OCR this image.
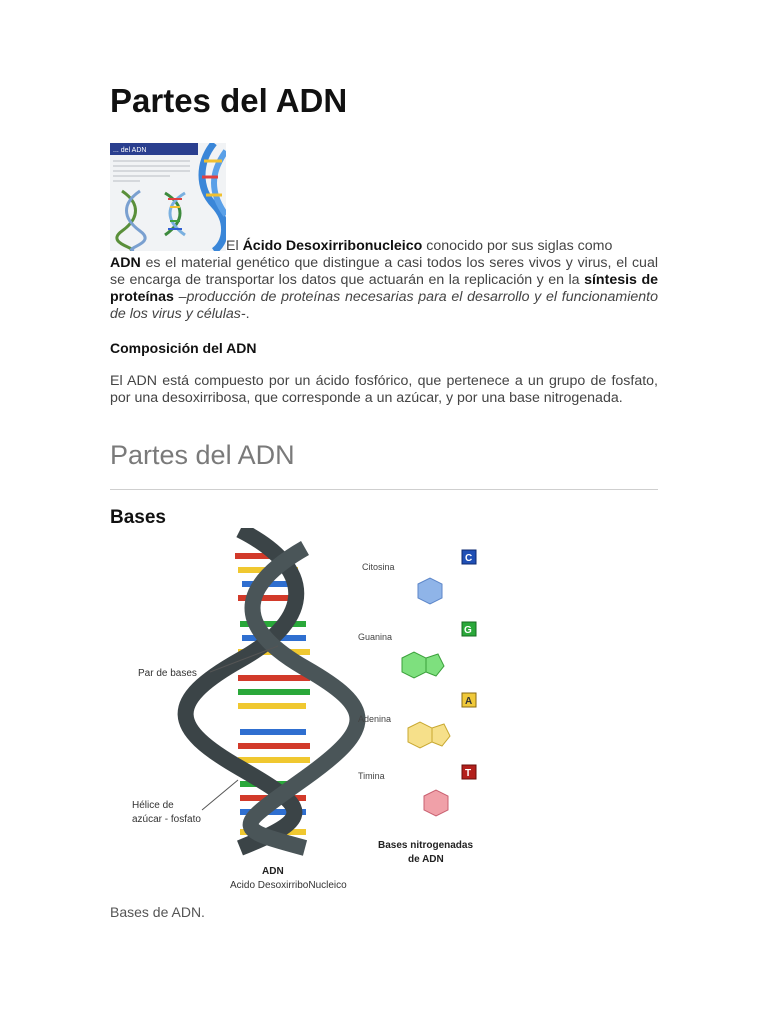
Partes del ADN
... del ADN

El Ácido Desoxirribonucleico conocido por sus siglas como
ADN es el material genético que distingue a casi todos los seres vivos y virus, el cual se encarga de transportar los datos que actuarán en la replicación y en la síntesis de proteínas –producción de proteínas necesarias para el desarrollo y el funcionamiento de los virus y células-.

Composición del ADN

El ADN está compuesto por un ácido fosfórico, que pertenece a un grupo de fosfato, por una desoxirribosa, que corresponde a un azúcar, y por una base nitrogenada.

Partes del ADN
Bases
Par de bases
Hélice de
azúcar - fosfato
ADN
Acido DesoxirriboNucleico
Bases nitrogenadas
de ADN
Citosina
C
Guanina
G
Adenina
A
Timina	T

Bases de ADN.
